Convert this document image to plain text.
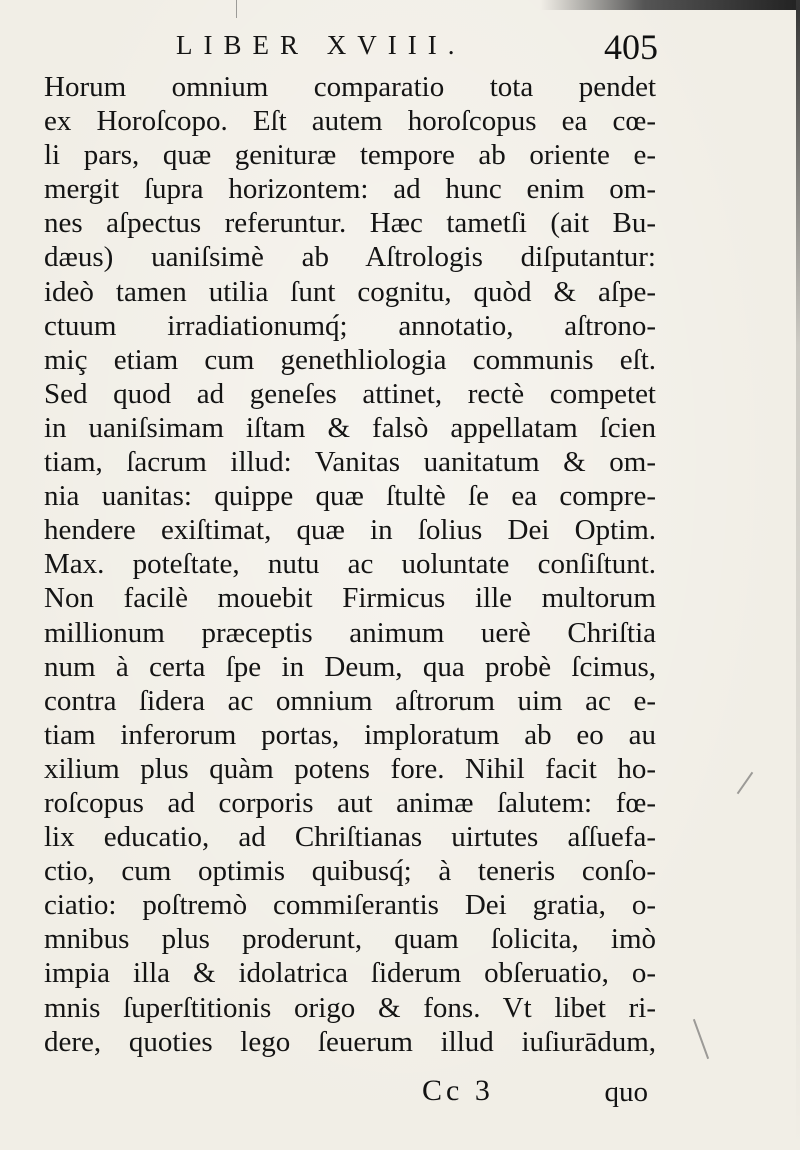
LIBER XVIII.	405
Horum omnium comparatio tota pendet
ex Horoſcopo. Eſt autem horoſcopus ea cœ-
li pars, quæ genituræ tempore ab oriente e-
mergit ſupra horizontem: ad hunc enim om-
nes aſpectus referuntur. Hæc tametſi (ait Bu-
dæus) uaniſsimè ab Aſtrologis diſputantur:
ideò tamen utilia ſunt cognitu, quòd & aſpe-
ctuum irradiationumq́; annotatio, aſtrono-
miç etiam cum genethliologia communis eſt.
Sed quod ad geneſes attinet, rectè competet
in uaniſsimam iſtam & falsò appellatam ſcien
tiam, ſacrum illud: Vanitas uanitatum & om-
nia uanitas: quippe quæ ſtultè ſe ea compre-
hendere exiſtimat, quæ in ſolius Dei Optim.
Max. poteſtate, nutu ac uoluntate conſiſtunt.
Non facilè mouebit Firmicus ille multorum
millionum præceptis animum uerè Chriſtia
num à certa ſpe in Deum, qua probè ſcimus,
contra ſidera ac omnium aſtrorum uim ac e-
tiam inferorum portas, imploratum ab eo au
xilium plus quàm potens fore. Nihil facit ho-
roſcopus ad corporis aut animæ ſalutem: fœ-
lix educatio, ad Chriſtianas uirtutes aſſuefa-
ctio, cum optimis quibusq́; à teneris conſo-
ciatio: poſtremò commiſerantis Dei gratia, o-
mnibus plus proderunt, quam ſolicita, imò
impia illa & idolatrica ſiderum obſeruatio, o-
mnis ſuperſtitionis origo & fons. Vt libet ri-
dere, quoties lego ſeuerum illud iuſiurādum,
Cc 3	quo
